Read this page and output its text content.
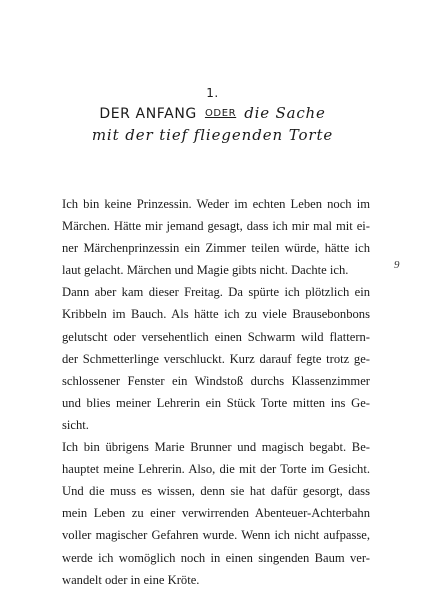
1.
DER ANFANG ODER die Sache
mit der tief fliegenden Torte
Ich bin keine Prinzessin. Weder im echten Leben noch im
Märchen. Hätte mir jemand gesagt, dass ich mir mal mit ei-
ner Märchenprinzessin ein Zimmer teilen würde, hätte ich
laut gelacht. Märchen und Magie gibts nicht. Dachte ich.
Dann aber kam dieser Freitag. Da spürte ich plötzlich ein
Kribbeln im Bauch. Als hätte ich zu viele Brausebonbons
gelutscht oder versehentlich einen Schwarm wild flattern-
der Schmetterlinge verschluckt. Kurz darauf fegte trotz ge-
schlossener Fenster ein Windstoß durchs Klassenzimmer
und blies meiner Lehrerin ein Stück Torte mitten ins Ge-
sicht.
Ich bin übrigens Marie Brunner und magisch begabt. Be-
hauptet meine Lehrerin. Also, die mit der Torte im Gesicht.
Und die muss es wissen, denn sie hat dafür gesorgt, dass
mein Leben zu einer verwirrenden Abenteuer-Achterbahn
voller magischer Gefahren wurde. Wenn ich nicht aufpasse,
werde ich womöglich noch in einen singenden Baum ver-
wandelt oder in eine Kröte.
9
